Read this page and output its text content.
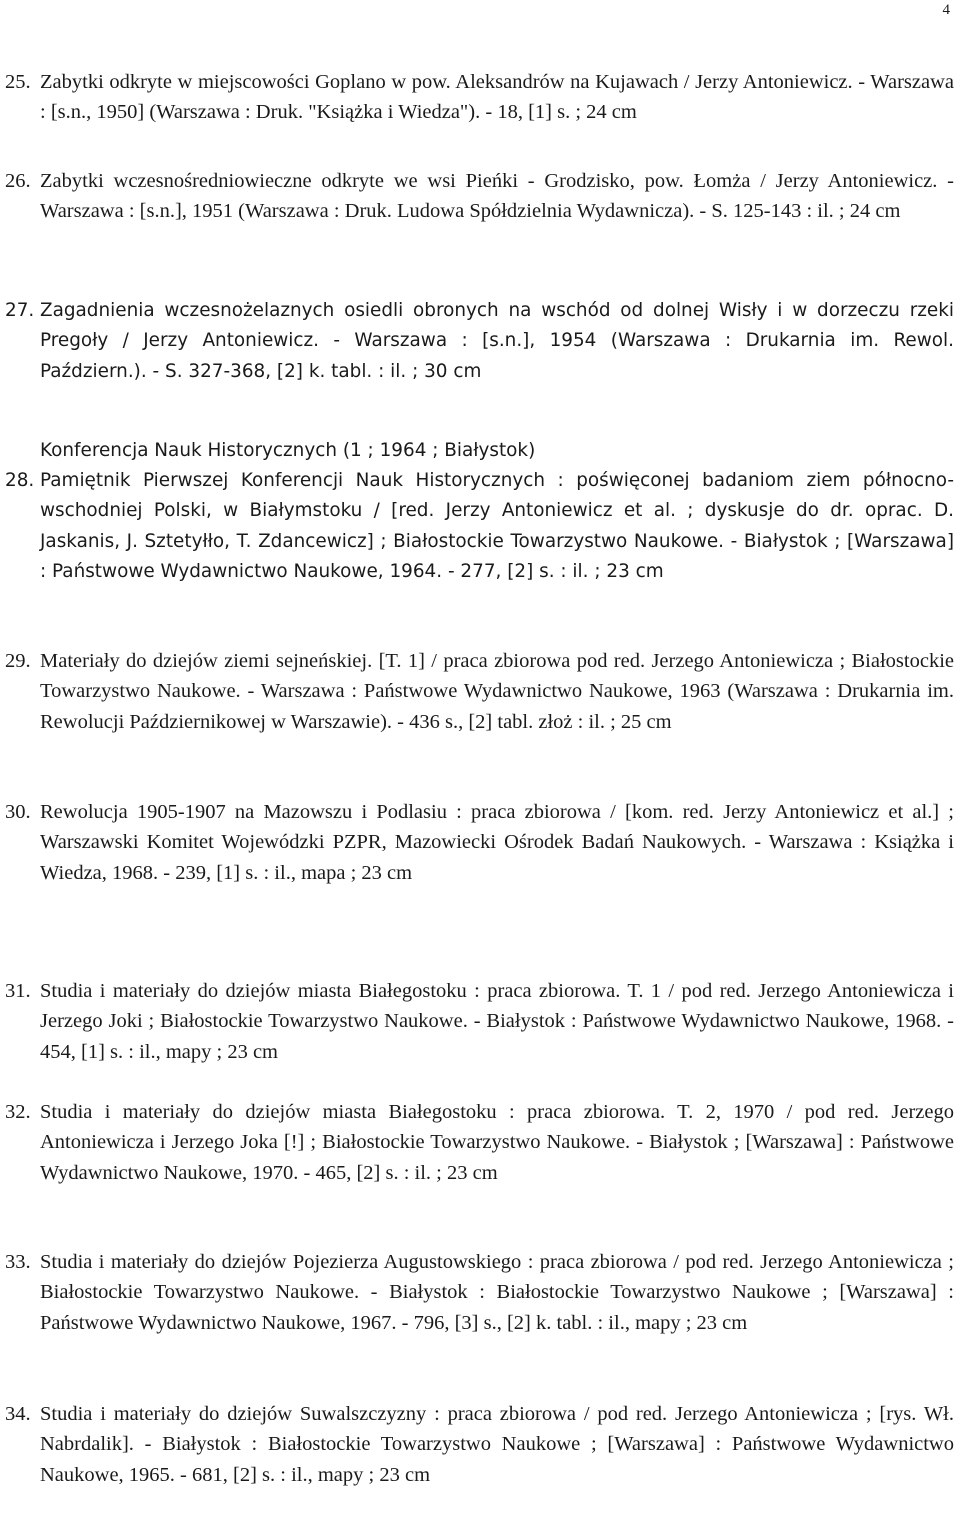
4
25. Zabytki odkryte w miejscowości Goplano w pow. Aleksandrów na Kujawach / Jerzy Antoniewicz. - Warszawa : [s.n., 1950] (Warszawa : Druk. "Książka i Wiedza"). - 18, [1] s. ; 24 cm
26. Zabytki wczesnośredniowieczne odkryte we wsi Pieńki - Grodzisko, pow. Łomża / Jerzy Antoniewicz. - Warszawa : [s.n.], 1951 (Warszawa : Druk. Ludowa Spółdzielnia Wydawnicza). - S. 125-143 : il. ; 24 cm
27. Zagadnienia wczesnożelaznych osiedli obronych na wschód od dolnej Wisły i w dorzeczu rzeki Pregoły / Jerzy Antoniewicz. - Warszawa : [s.n.], 1954 (Warszawa : Drukarnia im. Rewol. Październ.). - S. 327-368, [2] k. tabl. : il. ; 30 cm
Konferencja Nauk Historycznych (1 ; 1964 ; Białystok)
28. Pamiętnik Pierwszej Konferencji Nauk Historycznych : poświęconej badaniom ziem północno-wschodniej Polski, w Białymstoku / [red. Jerzy Antoniewicz et al. ; dyskusje do dr. oprac. D. Jaskanis, J. Sztetyłło, T. Zdancewicz] ; Białostockie Towarzystwo Naukowe. - Białystok ; [Warszawa] : Państwowe Wydawnictwo Naukowe, 1964. - 277, [2] s. : il. ; 23 cm
29. Materiały do dziejów ziemi sejneńskiej. [T. 1] / praca zbiorowa pod red. Jerzego Antoniewicza ; Białostockie Towarzystwo Naukowe. - Warszawa : Państwowe Wydawnictwo Naukowe, 1963 (Warszawa : Drukarnia im. Rewolucji Październikowej w Warszawie). - 436 s., [2] tabl. złoż : il. ; 25 cm
30. Rewolucja 1905-1907 na Mazowszu i Podlasiu : praca zbiorowa / [kom. red. Jerzy Antoniewicz et al.] ; Warszawski Komitet Wojewódzki PZPR, Mazowiecki Ośrodek Badań Naukowych. - Warszawa : Książka i Wiedza, 1968. - 239, [1] s. : il., mapa ; 23 cm
31. Studia i materiały do dziejów miasta Białegostoku : praca zbiorowa. T. 1 / pod red. Jerzego Antoniewicza i Jerzego Joki ; Białostockie Towarzystwo Naukowe. - Białystok : Państwowe Wydawnictwo Naukowe, 1968. - 454, [1] s. : il., mapy ; 23 cm
32. Studia i materiały do dziejów miasta Białegostoku : praca zbiorowa. T. 2, 1970 / pod red. Jerzego Antoniewicza i Jerzego Joka [!] ; Białostockie Towarzystwo Naukowe. - Białystok ; [Warszawa] : Państwowe Wydawnictwo Naukowe, 1970. - 465, [2] s. : il. ; 23 cm
33. Studia i materiały do dziejów Pojezierza Augustowskiego : praca zbiorowa / pod red. Jerzego Antoniewicza ; Białostockie Towarzystwo Naukowe. - Białystok : Białostockie Towarzystwo Naukowe ; [Warszawa] : Państwowe Wydawnictwo Naukowe, 1967. - 796, [3] s., [2] k. tabl. : il., mapy ; 23 cm
34. Studia i materiały do dziejów Suwalszczyzny : praca zbiorowa / pod red. Jerzego Antoniewicza ; [rys. Wł. Nabrdalik]. - Białystok : Białostockie Towarzystwo Naukowe ; [Warszawa] : Państwowe Wydawnictwo Naukowe, 1965. - 681, [2] s. : il., mapy ; 23 cm
